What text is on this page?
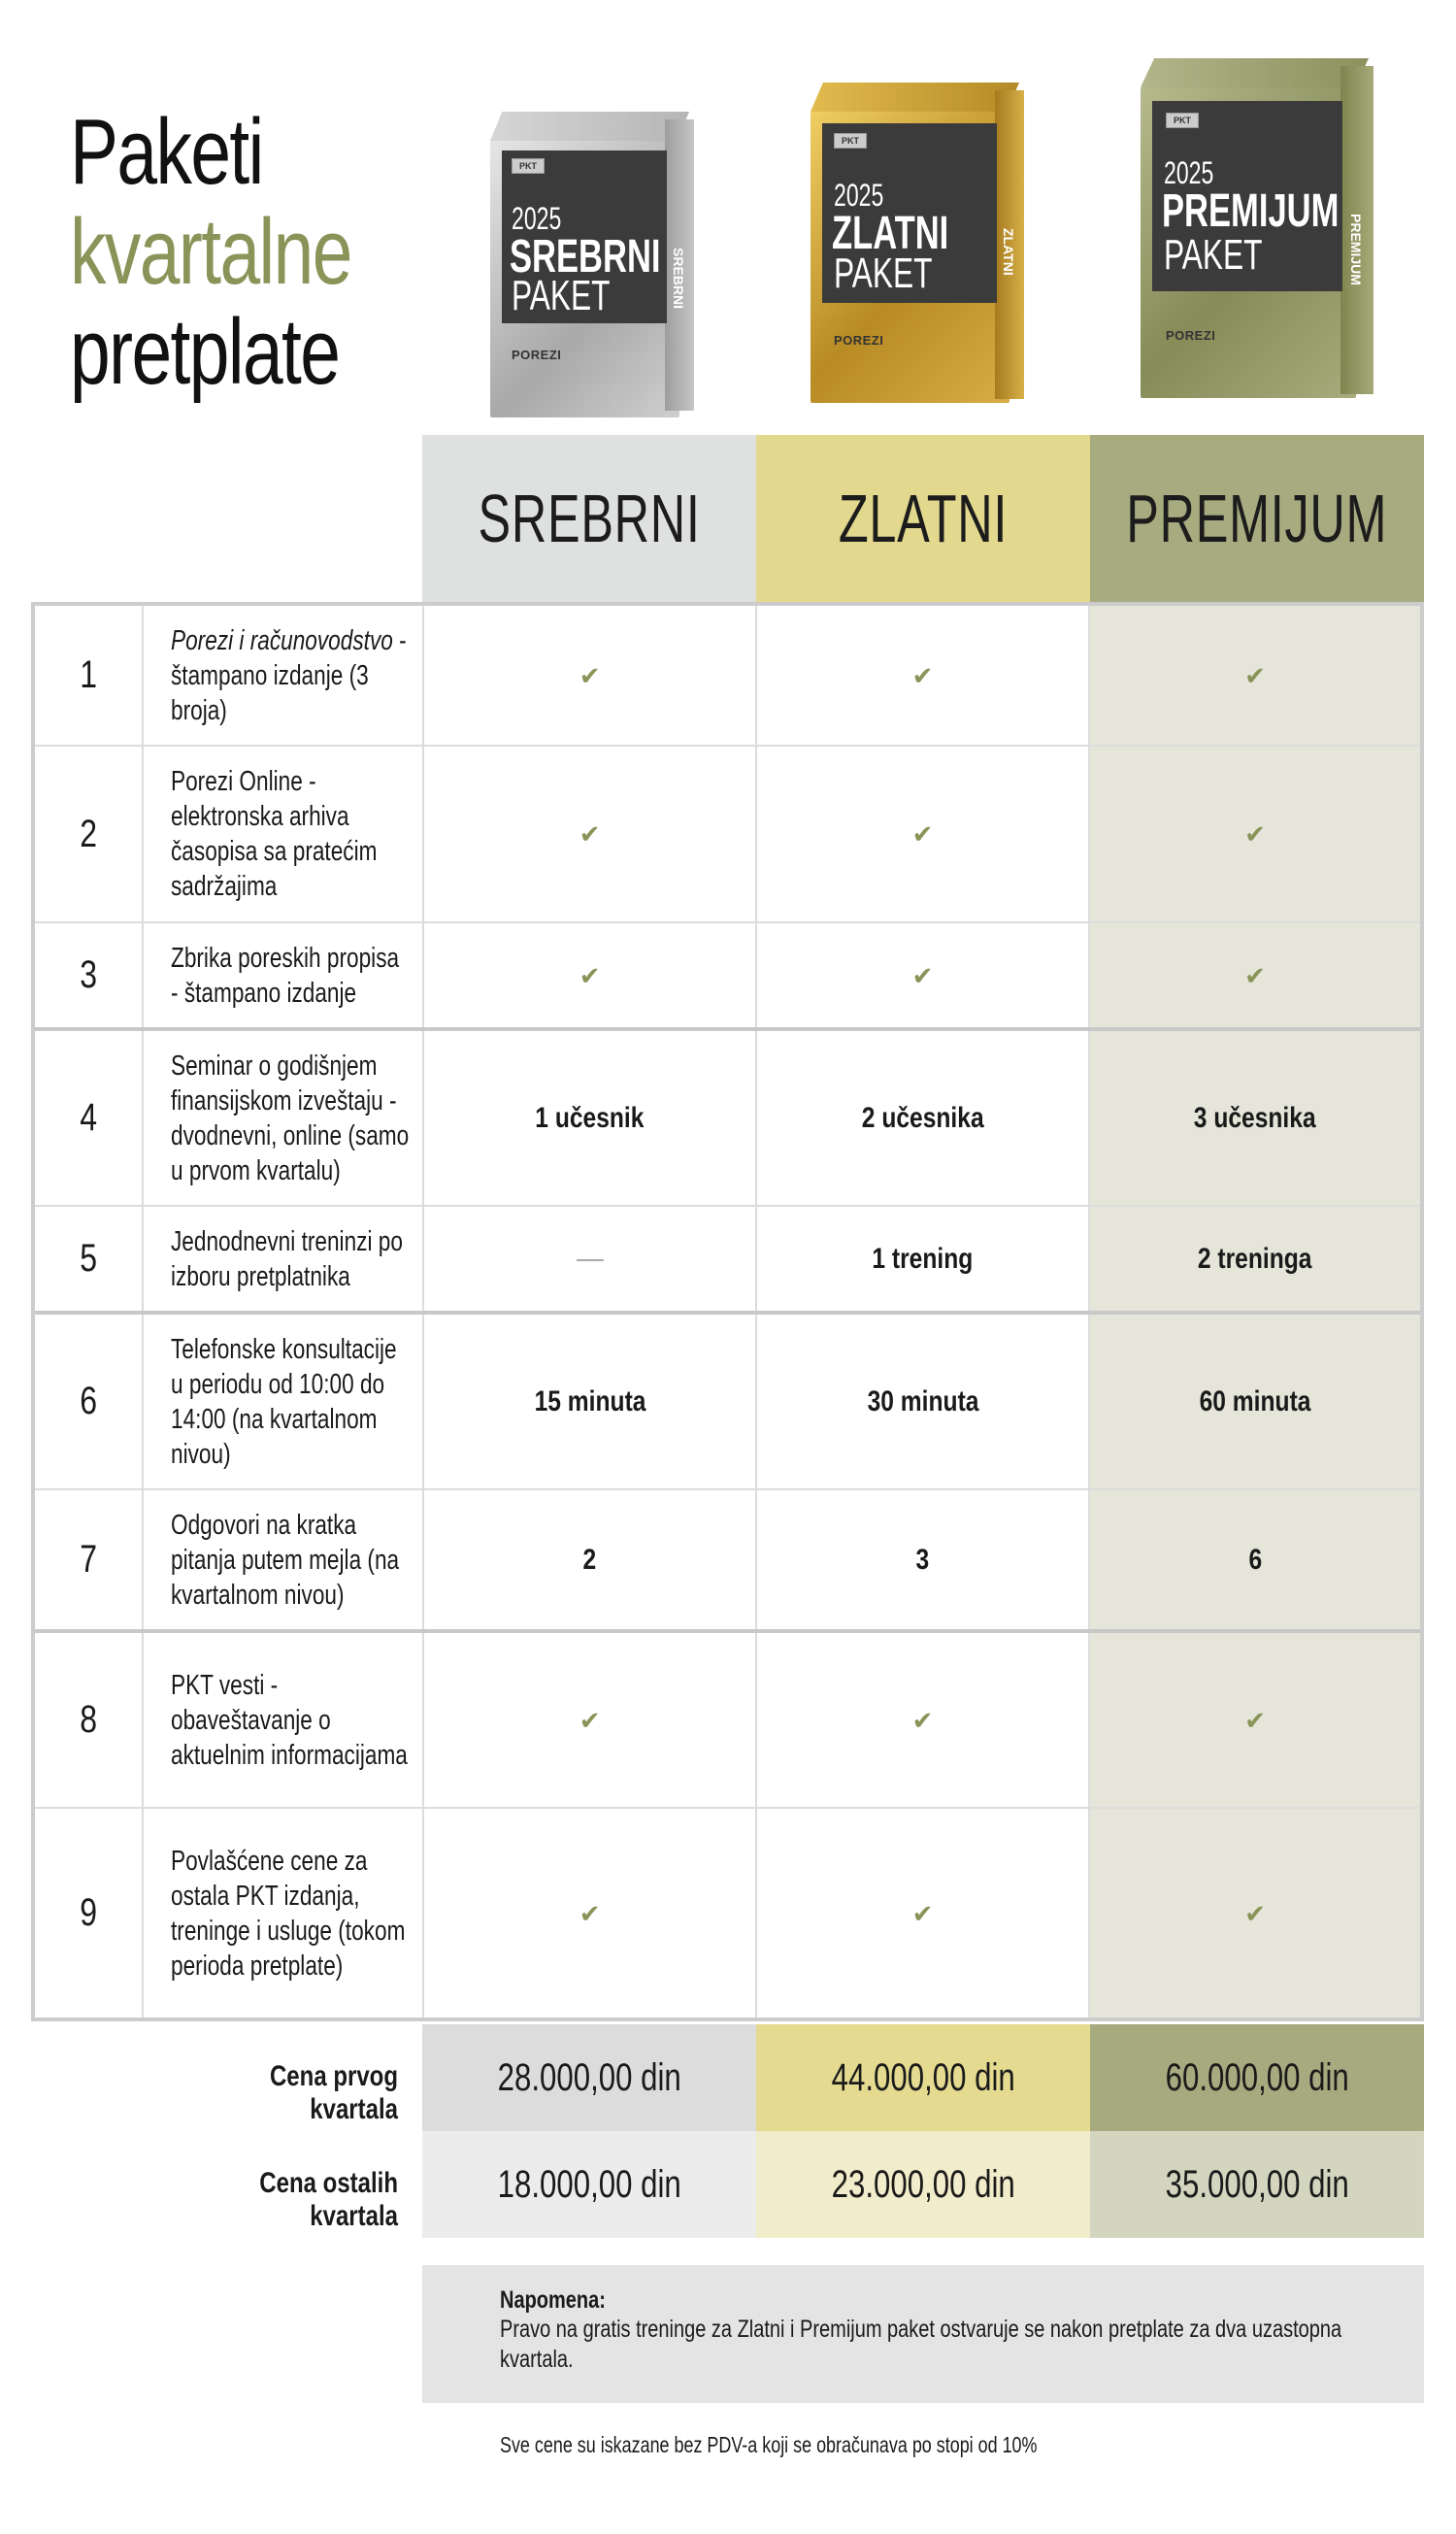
Paketi
kvartalne
pretplate
PKT
2025
SREBRNI
PAKET
POREZI
SREBRNI
PKT
2025
ZLATNI
PAKET
POREZI
ZLATNI
PKT
2025
PREMIJUM
PAKET
POREZI
PREMIJUM
SREBRNI ZLATNI PREMIJUM
1	Porezi i računovodstvo - štampano izdanje (3 broja)	✔	✔	✔
2	Porezi Online - elektronska arhiva časopisa sa pratećim sadržajima	✔	✔	✔
3	Zbrika poreskih propisa - štampano izdanje	✔	✔	✔
4	Seminar o godišnjem finansijskom izveštaju - dvodnevni, online (samo u prvom kvartalu)	1 učesnik	2 učesnika	3 učesnika
5	Jednodnevni treninzi po izboru pretplatnika		1 trening	2 treninga
6	Telefonske konsultacije u periodu od 10:00 do 14:00 (na kvartalnom nivou)	15 minuta	30 minuta	60 minuta
7	Odgovori na kratka pitanja putem mejla (na kvartalnom nivou)	2	3	6
8	PKT vesti - obaveštavanje o aktuelnim informacijama	✔	✔	✔
9	Povlašćene cene za ostala PKT izdanja, treninge i usluge (tokom perioda pretplate)	✔	✔	✔
Cena prvog kvartala
28.000,00 din	44.000,00 din	60.000,00 din
Cena ostalih kvartala
18.000,00 din	23.000,00 din	35.000,00 din
Napomena:
Pravo na gratis treninge za Zlatni i Premijum paket ostvaruje se nakon pretplate za dva uzastopna kvartala.
Sve cene su iskazane bez PDV-a koji se obračunava po stopi od 10%
